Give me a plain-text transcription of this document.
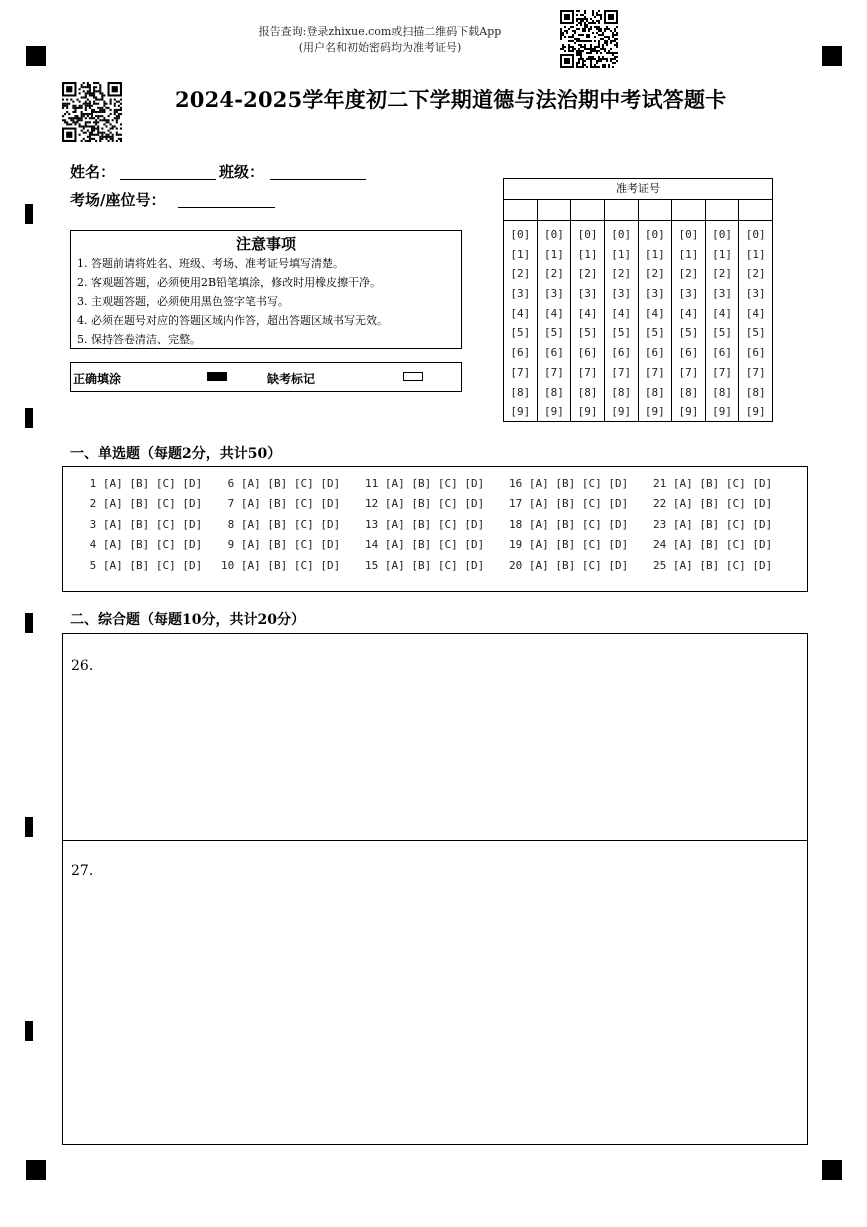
报告查询:登录zhixue.com或扫描二维码下载App
(用户名和初始密码均为准考证号)
2024-2025学年度初二下学期道德与法治期中考试答题卡
姓名：	班级：
考场/座位号：
注意事项
1. 答题前请将姓名、班级、考场、准考证号填写清楚。
2. 客观题答题，必须使用2B铅笔填涂，修改时用橡皮擦干净。
3. 主观题答题，必须使用黑色签字笔书写。
4. 必须在题号对应的答题区域内作答，超出答题区域书写无效。
5. 保持答卷清洁、完整。
正确填涂	缺考标记
准考证号
[0]
[1]
[2]
[3]
[4]
[5]
[6]
[7]
[8]
[9]
[0]
[1]
[2]
[3]
[4]
[5]
[6]
[7]
[8]
[9]
[0]
[1]
[2]
[3]
[4]
[5]
[6]
[7]
[8]
[9]
[0]
[1]
[2]
[3]
[4]
[5]
[6]
[7]
[8]
[9]
[0]
[1]
[2]
[3]
[4]
[5]
[6]
[7]
[8]
[9]
[0]
[1]
[2]
[3]
[4]
[5]
[6]
[7]
[8]
[9]
[0]
[1]
[2]
[3]
[4]
[5]
[6]
[7]
[8]
[9]
[0]
[1]
[2]
[3]
[4]
[5]
[6]
[7]
[8]
[9]
一、单选题（每题2分，共计50）
1 [A] [B] [C] [D]
2 [A] [B] [C] [D]
3 [A] [B] [C] [D]
4 [A] [B] [C] [D]
5 [A] [B] [C] [D]
6 [A] [B] [C] [D]
7 [A] [B] [C] [D]
8 [A] [B] [C] [D]
9 [A] [B] [C] [D]
10 [A] [B] [C] [D]
11 [A] [B] [C] [D]
12 [A] [B] [C] [D]
13 [A] [B] [C] [D]
14 [A] [B] [C] [D]
15 [A] [B] [C] [D]
16 [A] [B] [C] [D]
17 [A] [B] [C] [D]
18 [A] [B] [C] [D]
19 [A] [B] [C] [D]
20 [A] [B] [C] [D]
21 [A] [B] [C] [D]
22 [A] [B] [C] [D]
23 [A] [B] [C] [D]
24 [A] [B] [C] [D]
25 [A] [B] [C] [D]
二、综合题（每题10分，共计20分）
26.
27.
